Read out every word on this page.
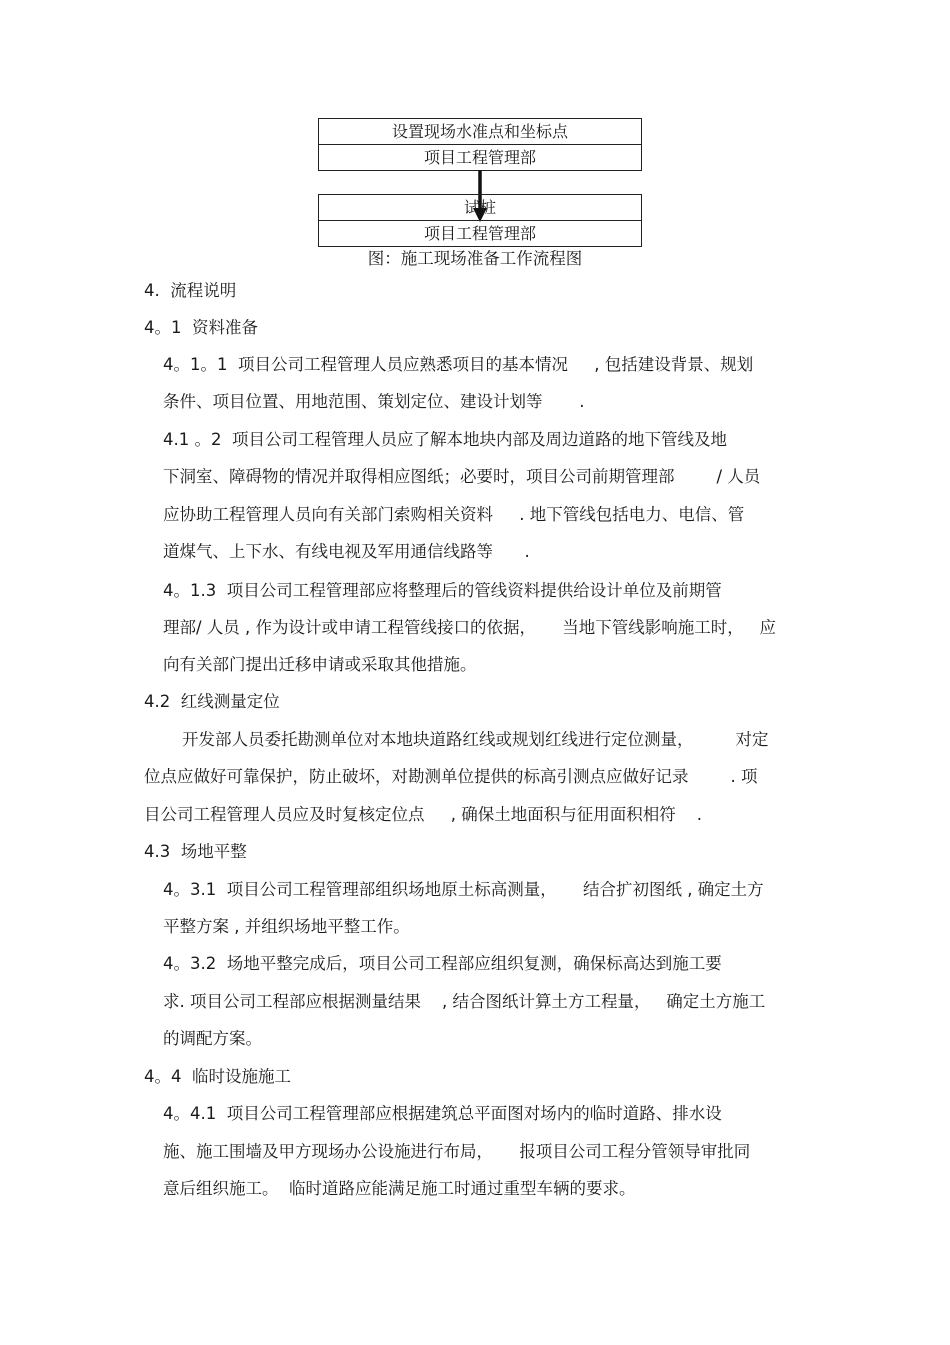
设置现场水准点和坐标点
项目工程管理部
试桩
项目工程管理部
图：施工现场准备工作流程图
4.  流程说明
4。1  资料准备
4。1。1  项目公司工程管理人员应熟悉项目的基本情况     , 包括建设背景、规划
条件、项目位置、用地范围、策划定位、建设计划等       .
4.1 。2  项目公司工程管理人员应了解本地块内部及周边道路的地下管线及地
下洞室、障碍物的情况并取得相应图纸；必要时，项目公司前期管理部        / 人员
应协助工程管理人员向有关部门索购相关资料     . 地下管线包括电力、电信、管
道煤气、上下水、有线电视及军用通信线路等      .
4。1.3  项目公司工程管理部应将整理后的管线资料提供给设计单位及前期管
理部/ 人员 , 作为设计或申请工程管线接口的依据，     当地下管线影响施工时，   应
向有关部门提出迁移申请或采取其他措施。
4.2  红线测量定位
开发部人员委托勘测单位对本地块道路红线或规划红线进行定位测量，        对定
位点应做好可靠保护，防止破坏，对勘测单位提供的标高引测点应做好记录        . 项
目公司工程管理人员应及时复核定位点     , 确保土地面积与征用面积相符    .
4.3  场地平整
4。3.1  项目公司工程管理部组织场地原土标高测量，     结合扩初图纸 , 确定土方
平整方案 , 并组织场地平整工作。
4。3.2  场地平整完成后，项目公司工程部应组织复测，确保标高达到施工要
求. 项目公司工程部应根据测量结果    , 结合图纸计算土方工程量，   确定土方施工
的调配方案。
4。4  临时设施施工
4。4.1  项目公司工程管理部应根据建筑总平面图对场内的临时道路、排水设
施、施工围墙及甲方现场办公设施进行布局，     报项目公司工程分管领导审批同
意后组织施工。  临时道路应能满足施工时通过重型车辆的要求。
